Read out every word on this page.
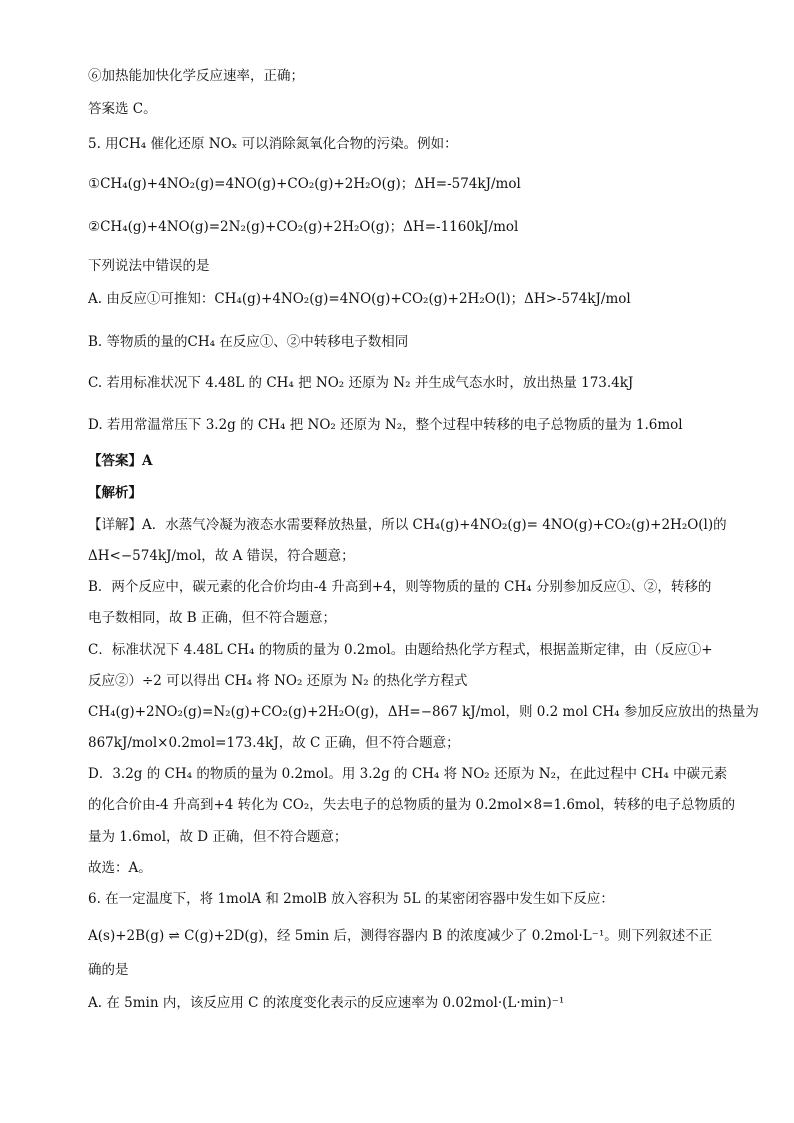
⑥加热能加快化学反应速率，正确；
答案选 C。
5. 用CH₄ 催化还原 NOₓ 可以消除氮氧化合物的污染。例如：
①CH₄(g)+4NO₂(g)=4NO(g)+CO₂(g)+2H₂O(g)；ΔH=-574kJ/mol
②CH₄(g)+4NO(g)=2N₂(g)+CO₂(g)+2H₂O(g)；ΔH=-1160kJ/mol
下列说法中错误的是
A. 由反应①可推知：CH₄(g)+4NO₂(g)=4NO(g)+CO₂(g)+2H₂O(l)；ΔH>-574kJ/mol
B. 等物质的量的CH₄ 在反应①、②中转移电子数相同
C. 若用标准状况下 4.48L 的 CH₄ 把 NO₂ 还原为 N₂ 并生成气态水时，放出热量 173.4kJ
D. 若用常温常压下 3.2g 的 CH₄ 把 NO₂ 还原为 N₂，整个过程中转移的电子总物质的量为 1.6mol
【答案】A
【解析】
【详解】A．水蒸气冷凝为液态水需要释放热量，所以 CH₄(g)+4NO₂(g)= 4NO(g)+CO₂(g)+2H₂O(l)的
ΔH<−574kJ/mol，故 A 错误，符合题意；
B．两个反应中，碳元素的化合价均由-4 升高到+4，则等物质的量的 CH₄ 分别参加反应①、②，转移的
电子数相同，故 B 正确，但不符合题意；
C．标准状况下 4.48L CH₄ 的物质的量为 0.2mol。由题给热化学方程式，根据盖斯定律，由（反应①+
反应②）÷2 可以得出 CH₄ 将 NO₂ 还原为 N₂ 的热化学方程式
CH₄(g)+2NO₂(g)=N₂(g)+CO₂(g)+2H₂O(g)，ΔH=−867 kJ/mol，则 0.2 mol CH₄ 参加反应放出的热量为
867kJ/mol×0.2mol=173.4kJ，故 C 正确，但不符合题意；
D．3.2g 的 CH₄ 的物质的量为 0.2mol。用 3.2g 的 CH₄ 将 NO₂ 还原为 N₂，在此过程中 CH₄ 中碳元素
的化合价由-4 升高到+4 转化为 CO₂，失去电子的总物质的量为 0.2mol×8=1.6mol，转移的电子总物质的
量为 1.6mol，故 D 正确，但不符合题意；
故选：A。
6. 在一定温度下，将 1molA 和 2molB 放入容积为 5L 的某密闭容器中发生如下反应：
A(s)+2B(g) ⇌ C(g)+2D(g)，经 5min 后，测得容器内 B 的浓度减少了 0.2mol·L⁻¹。则下列叙述不正
确的是
A. 在 5min 内，该反应用 C 的浓度变化表示的反应速率为 0.02mol·(L·min)⁻¹
